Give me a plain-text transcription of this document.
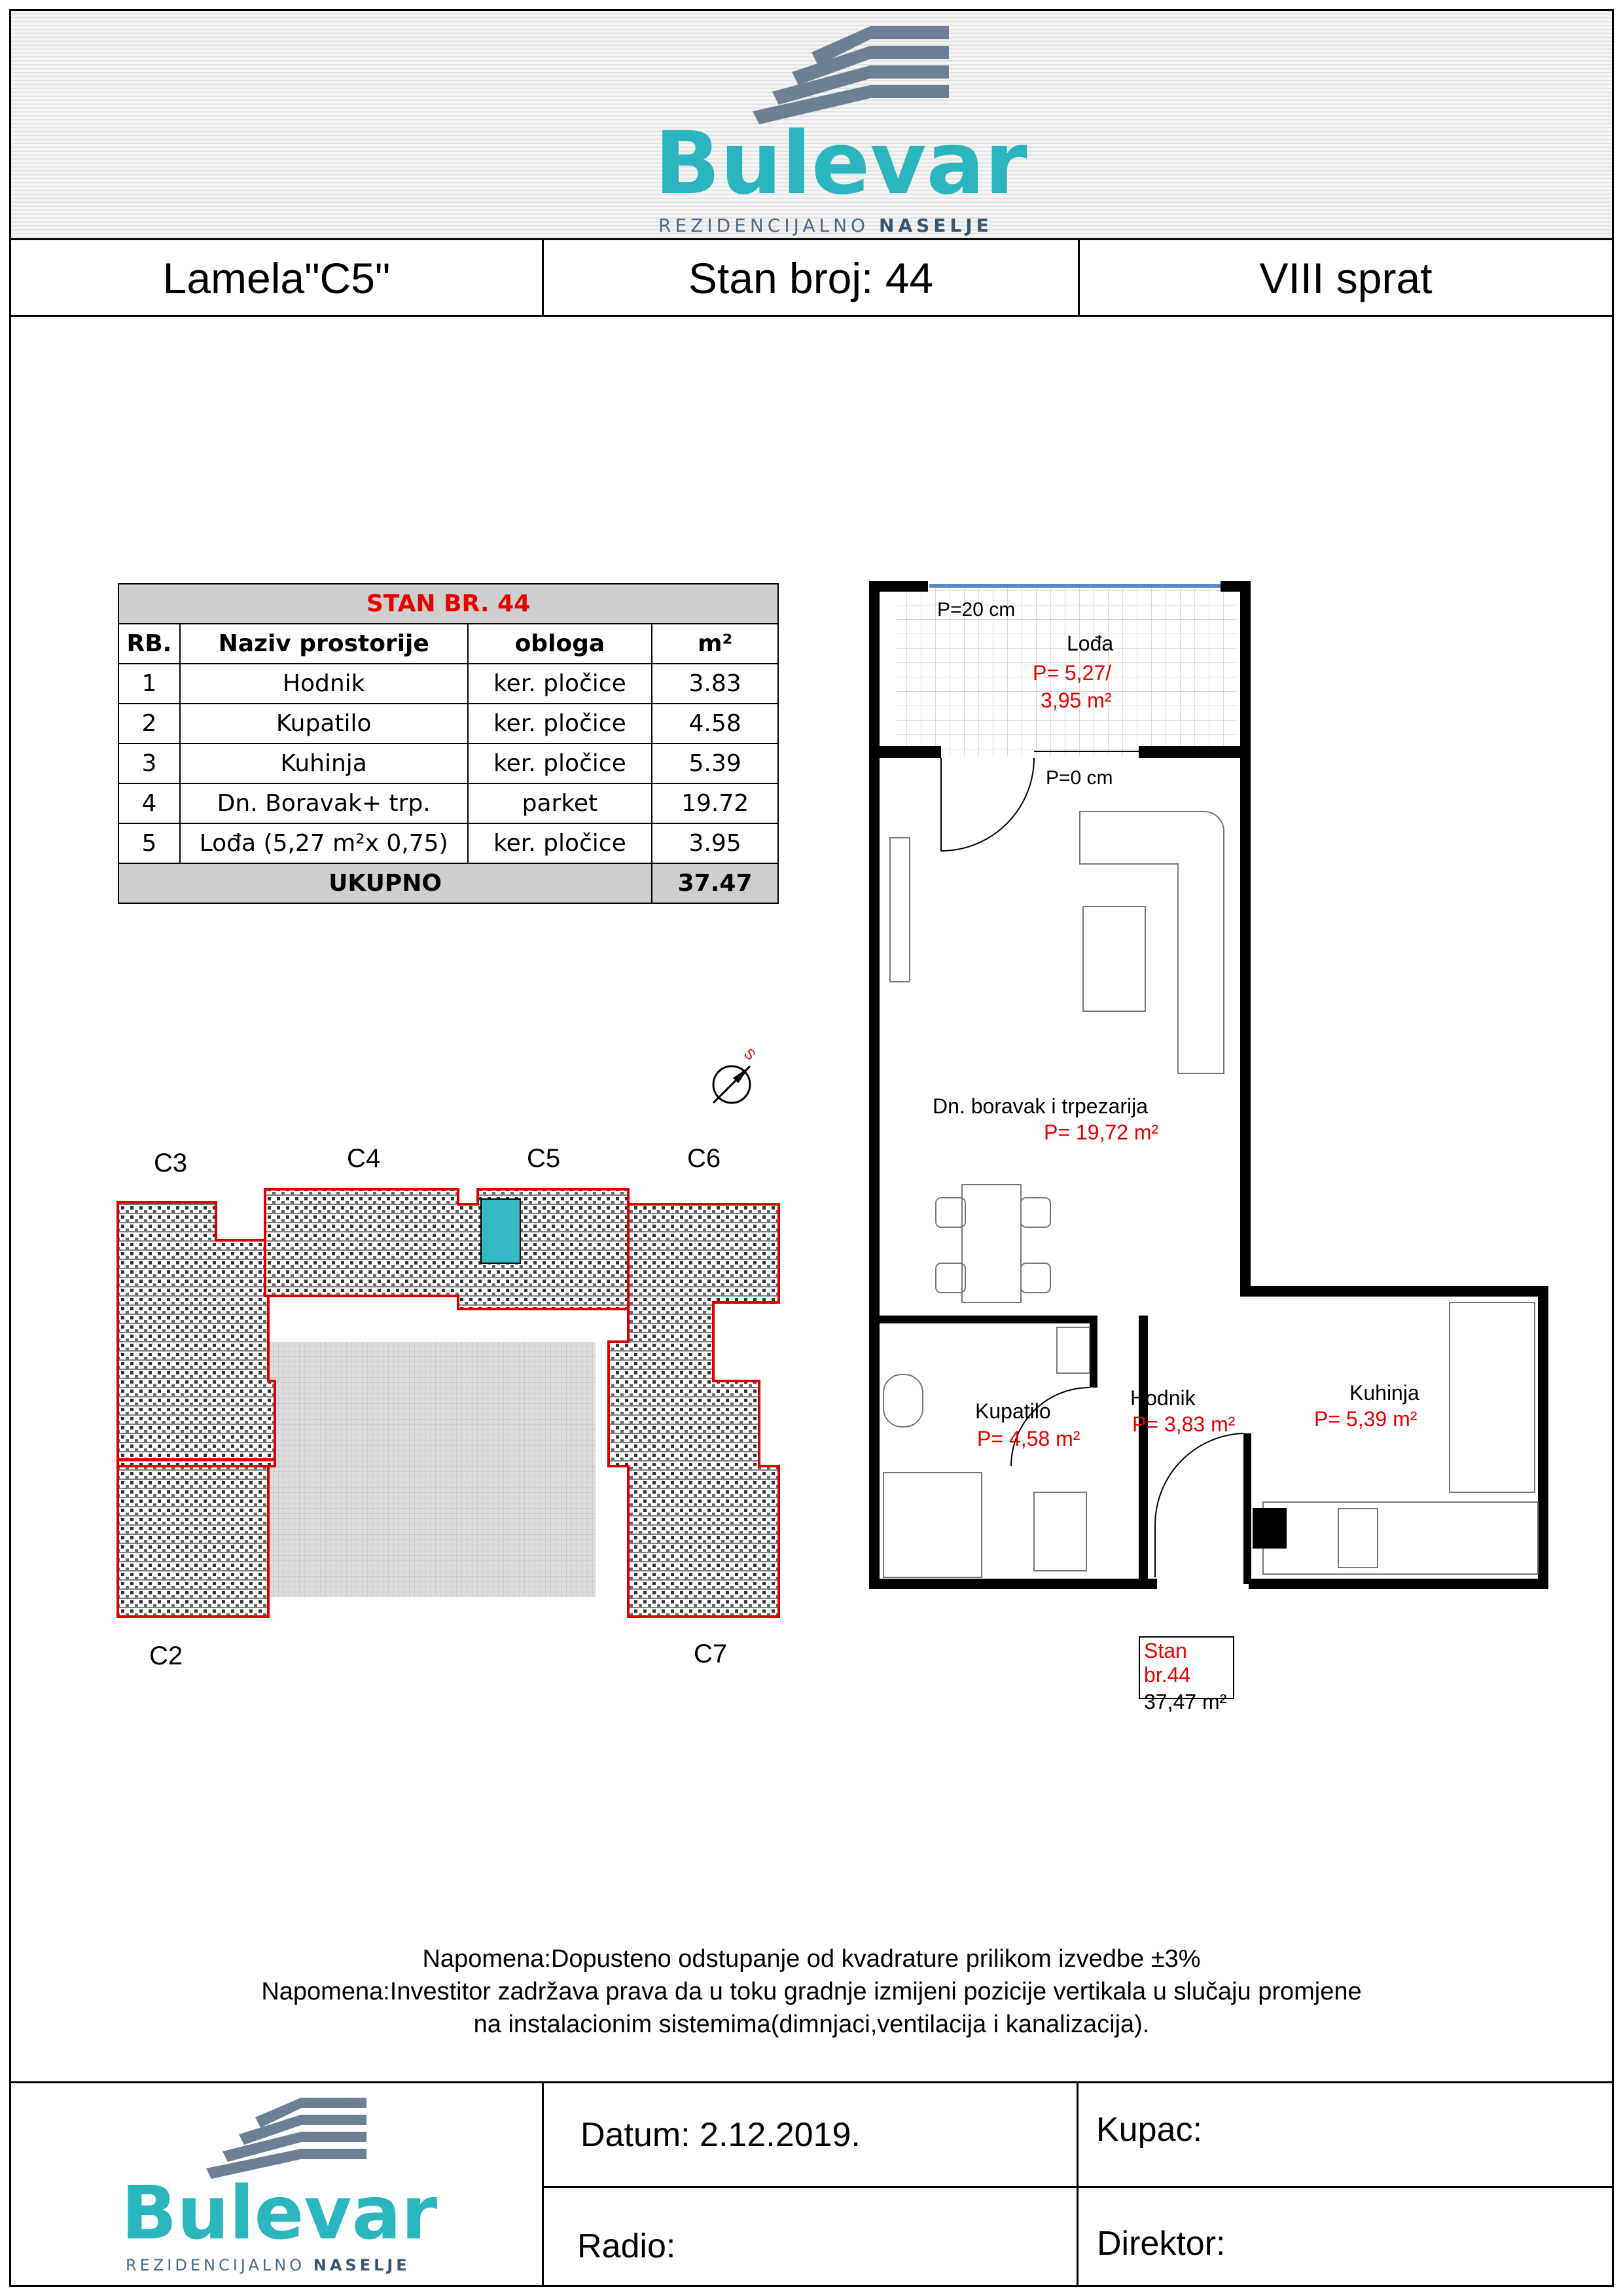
Bulevar
REZIDENCIJALNO NASELJE
Lamela"C5"	Stan broj: 44	VIII sprat
STAN BR. 44			
RB.	Naziv prostorije	obloga	m²
1	Hodnik	ker. pločice	3.83
2	Kupatilo	ker. pločice	4.58
3	Kuhinja	ker. pločice	5.39
4	Dn. Boravak+ trp.	parket	19.72
5	Lođa (5,27 m²x 0,75)	ker. pločice	3.95
UKUPNO			37.47
S
C3	C4	C5	C6
C2	C7
P=20 cm
Lođa
P= 5,27/
3,95 m²
P=0 cm
Dn. boravak i trpezarija
P= 19,72 m²
Kupatilo
P= 4,58 m²
Hodnik
P= 3,83 m²
Kuhinja
P= 5,39 m²
Stan br.44
37,47 m²
Napomena:Dopusteno odstupanje od kvadrature prilikom izvedbe ±3%
Napomena:Investitor zadržava prava da u toku gradnje izmijeni pozicije vertikala u slučaju promjene
na instalacionim sistemima(dimnjaci,ventilacija i kanalizacija).
Bulevar
REZIDENCIJALNO NASELJE
Datum: 2.12.2019.	Kupac:
Radio:	Direktor:
